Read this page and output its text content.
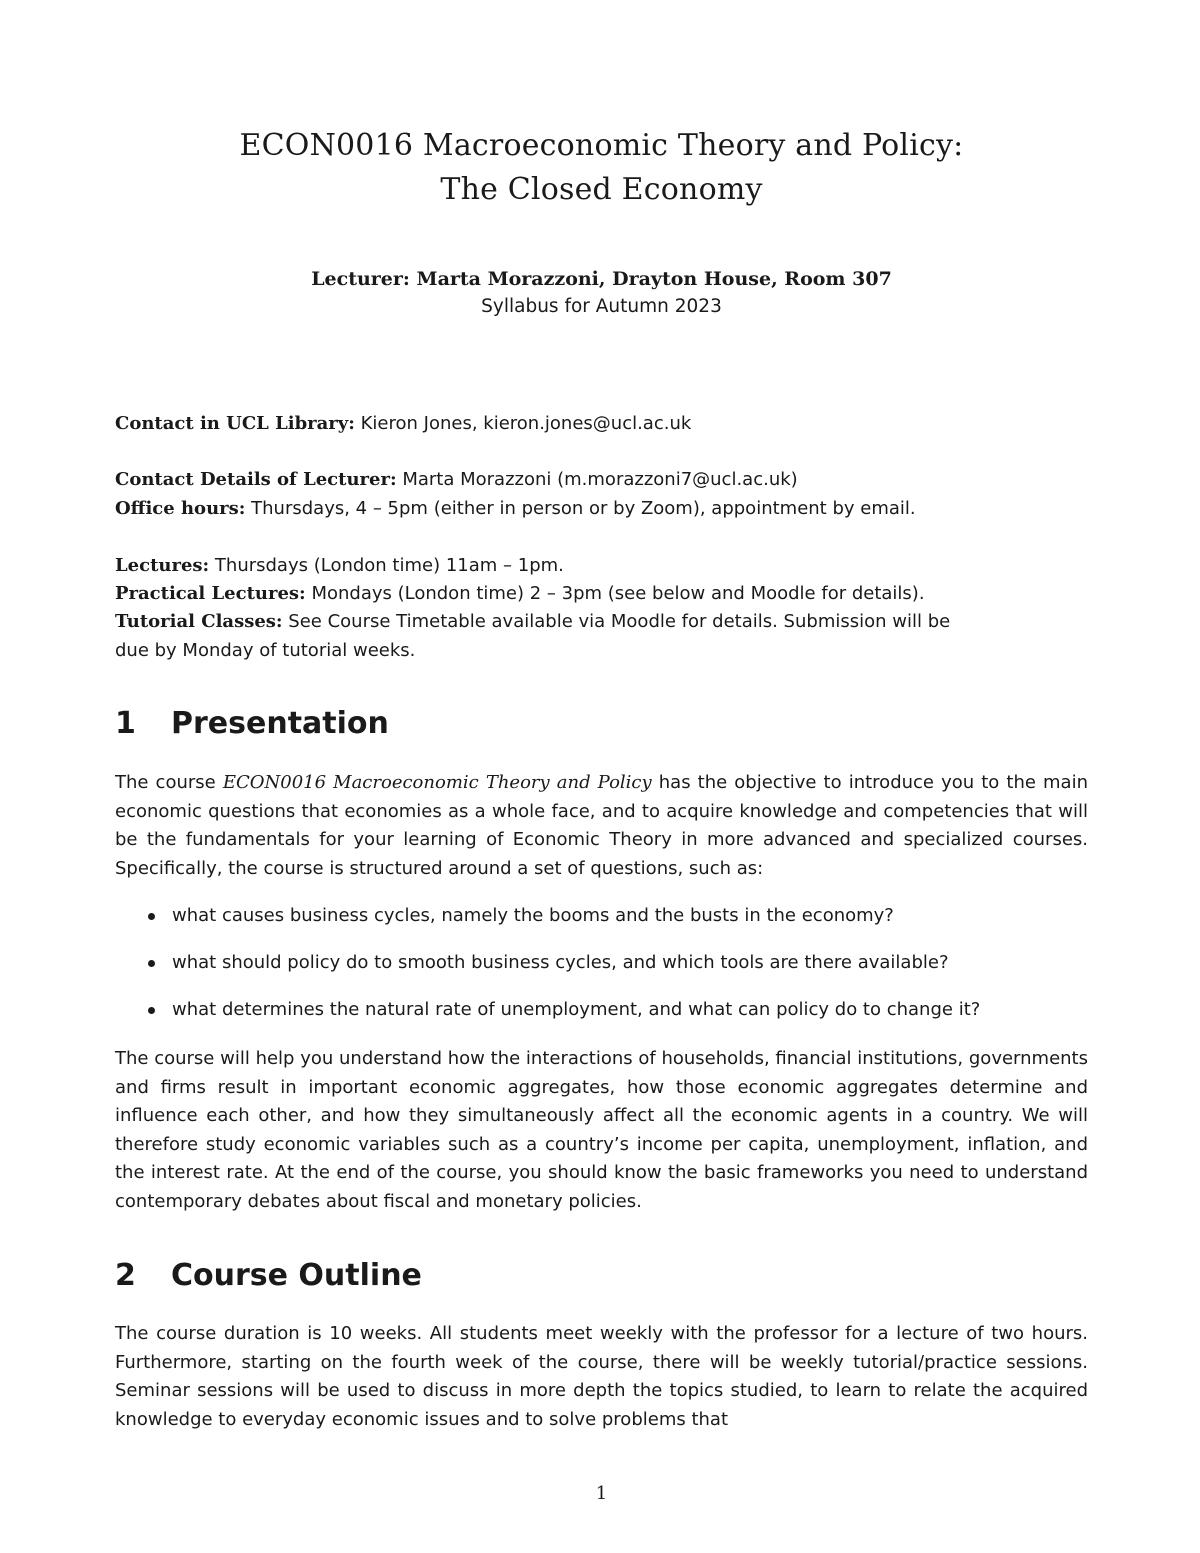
ECON0016 Macroeconomic Theory and Policy:
The Closed Economy
Lecturer: Marta Morazzoni, Drayton House, Room 307
Syllabus for Autumn 2023
Contact in UCL Library: Kieron Jones, kieron.jones@ucl.ac.uk
Contact Details of Lecturer: Marta Morazzoni (m.morazzoni7@ucl.ac.uk)
Office hours: Thursdays, 4 – 5pm (either in person or by Zoom), appointment by email.
Lectures: Thursdays (London time) 11am – 1pm.
Practical Lectures: Mondays (London time) 2 – 3pm (see below and Moodle for details).
Tutorial Classes: See Course Timetable available via Moodle for details. Submission will be
due by Monday of tutorial weeks.
1 Presentation
The course ECON0016 Macroeconomic Theory and Policy has the objective to introduce you to the main economic questions that economies as a whole face, and to acquire knowledge and competencies that will be the fundamentals for your learning of Economic Theory in more advanced and specialized courses. Specifically, the course is structured around a set of questions, such as:
what causes business cycles, namely the booms and the busts in the economy?
what should policy do to smooth business cycles, and which tools are there available?
what determines the natural rate of unemployment, and what can policy do to change it?
The course will help you understand how the interactions of households, financial institutions, governments and firms result in important economic aggregates, how those economic aggregates determine and influence each other, and how they simultaneously affect all the economic agents in a country. We will therefore study economic variables such as a country’s income per capita, unemployment, inflation, and the interest rate. At the end of the course, you should know the basic frameworks you need to understand contemporary debates about fiscal and monetary policies.
2 Course Outline
The course duration is 10 weeks. All students meet weekly with the professor for a lecture of two hours. Furthermore, starting on the fourth week of the course, there will be weekly tutorial/practice sessions. Seminar sessions will be used to discuss in more depth the topics studied, to learn to relate the acquired knowledge to everyday economic issues and to solve problems that
1
